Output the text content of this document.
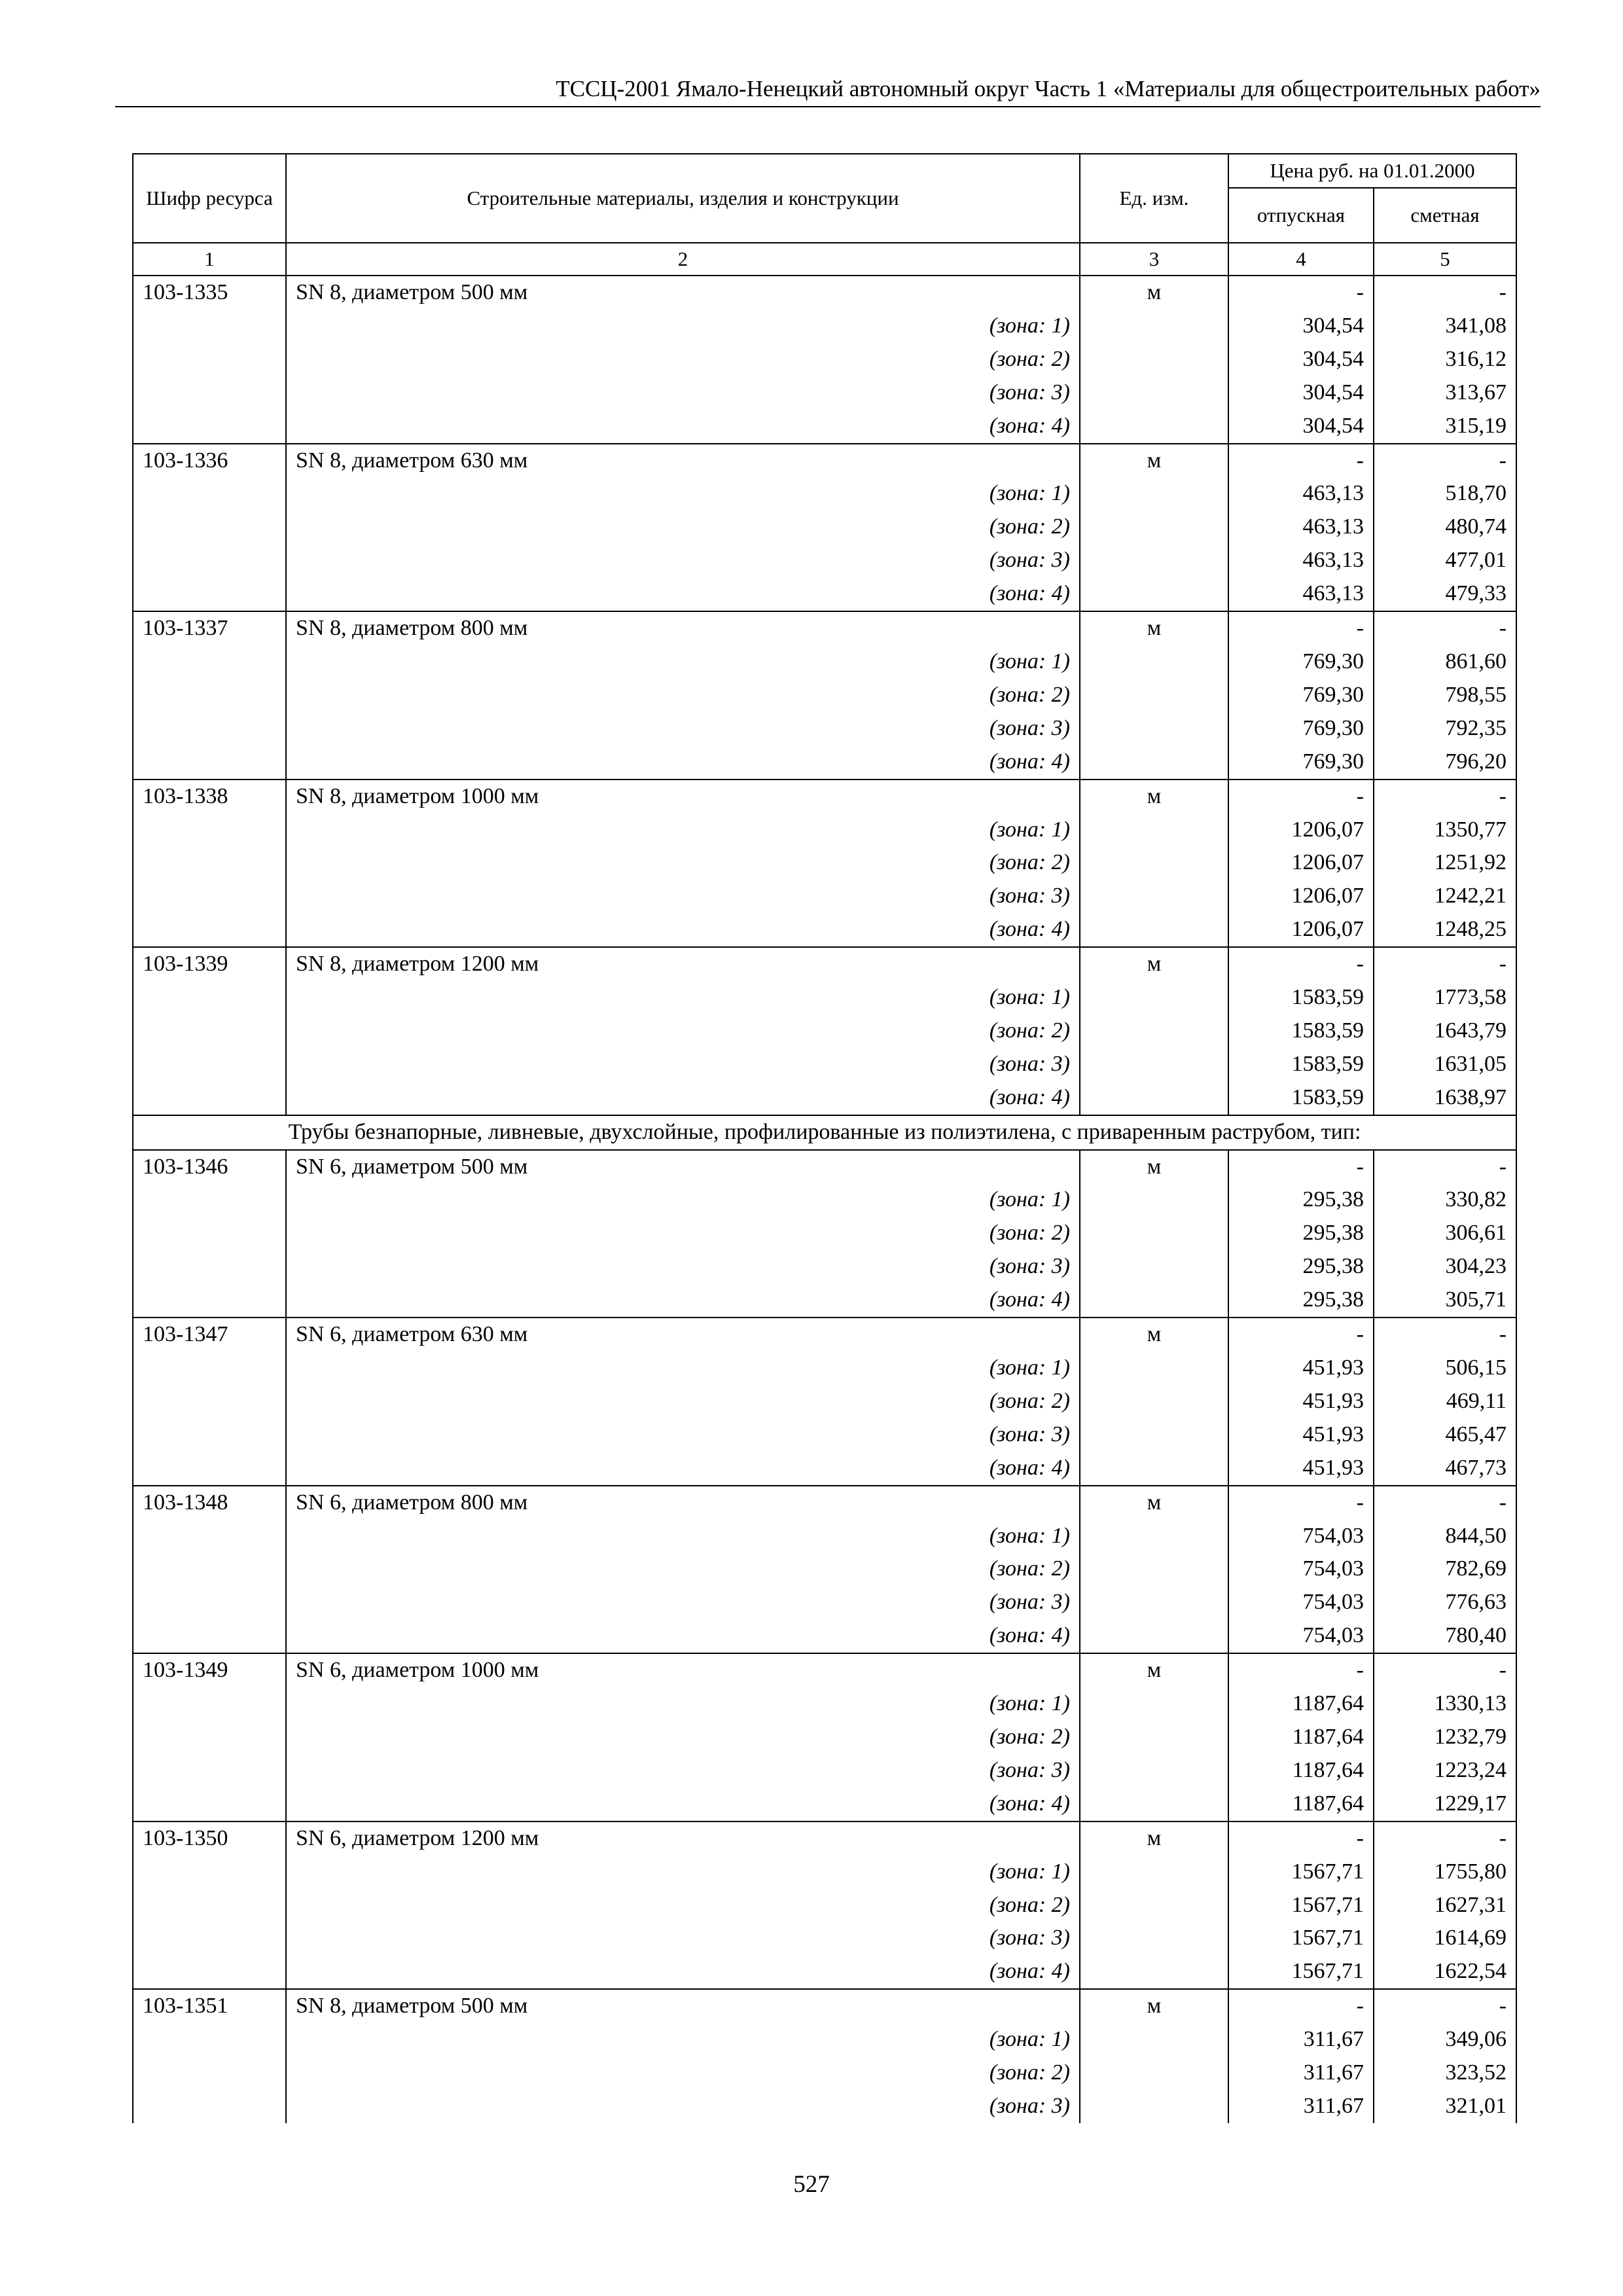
ТССЦ-2001 Ямало-Ненецкий автономный округ Часть 1 «Материалы для общестроительных работ»
Шифр ресурса	Строительные материалы, изделия и конструкции	Ед. изм.	Цена руб. на 01.01.2000	
			отпускная	сметная
1	2	3	4	5
103-1335	SN 8, диаметром 500 мм	м	-	-
	(зона: 1)		304,54	341,08
	(зона: 2)		304,54	316,12
	(зона: 3)		304,54	313,67
	(зона: 4)		304,54	315,19
103-1336	SN 8, диаметром 630 мм	м	-	-
	(зона: 1)		463,13	518,70
	(зона: 2)		463,13	480,74
	(зона: 3)		463,13	477,01
	(зона: 4)		463,13	479,33
103-1337	SN 8, диаметром 800 мм	м	-	-
	(зона: 1)		769,30	861,60
	(зона: 2)		769,30	798,55
	(зона: 3)		769,30	792,35
	(зона: 4)		769,30	796,20
103-1338	SN 8, диаметром 1000 мм	м	-	-
	(зона: 1)		1206,07	1350,77
	(зона: 2)		1206,07	1251,92
	(зона: 3)		1206,07	1242,21
	(зона: 4)		1206,07	1248,25
103-1339	SN 8, диаметром 1200 мм	м	-	-
	(зона: 1)		1583,59	1773,58
	(зона: 2)		1583,59	1643,79
	(зона: 3)		1583,59	1631,05
	(зона: 4)		1583,59	1638,97
Трубы безнапорные, ливневые, двухслойные, профилированные из полиэтилена, с приваренным раструбом, тип:				
103-1346	SN 6, диаметром 500 мм	м	-	-
	(зона: 1)		295,38	330,82
	(зона: 2)		295,38	306,61
	(зона: 3)		295,38	304,23
	(зона: 4)		295,38	305,71
103-1347	SN 6, диаметром 630 мм	м	-	-
	(зона: 1)		451,93	506,15
	(зона: 2)		451,93	469,11
	(зона: 3)		451,93	465,47
	(зона: 4)		451,93	467,73
103-1348	SN 6, диаметром 800 мм	м	-	-
	(зона: 1)		754,03	844,50
	(зона: 2)		754,03	782,69
	(зона: 3)		754,03	776,63
	(зона: 4)		754,03	780,40
103-1349	SN 6, диаметром 1000 мм	м	-	-
	(зона: 1)		1187,64	1330,13
	(зона: 2)		1187,64	1232,79
	(зона: 3)		1187,64	1223,24
	(зона: 4)		1187,64	1229,17
103-1350	SN 6, диаметром 1200 мм	м	-	-
	(зона: 1)		1567,71	1755,80
	(зона: 2)		1567,71	1627,31
	(зона: 3)		1567,71	1614,69
	(зона: 4)		1567,71	1622,54
103-1351	SN 8, диаметром 500 мм	м	-	-
	(зона: 1)		311,67	349,06
	(зона: 2)		311,67	323,52
	(зона: 3)		311,67	321,01
527
